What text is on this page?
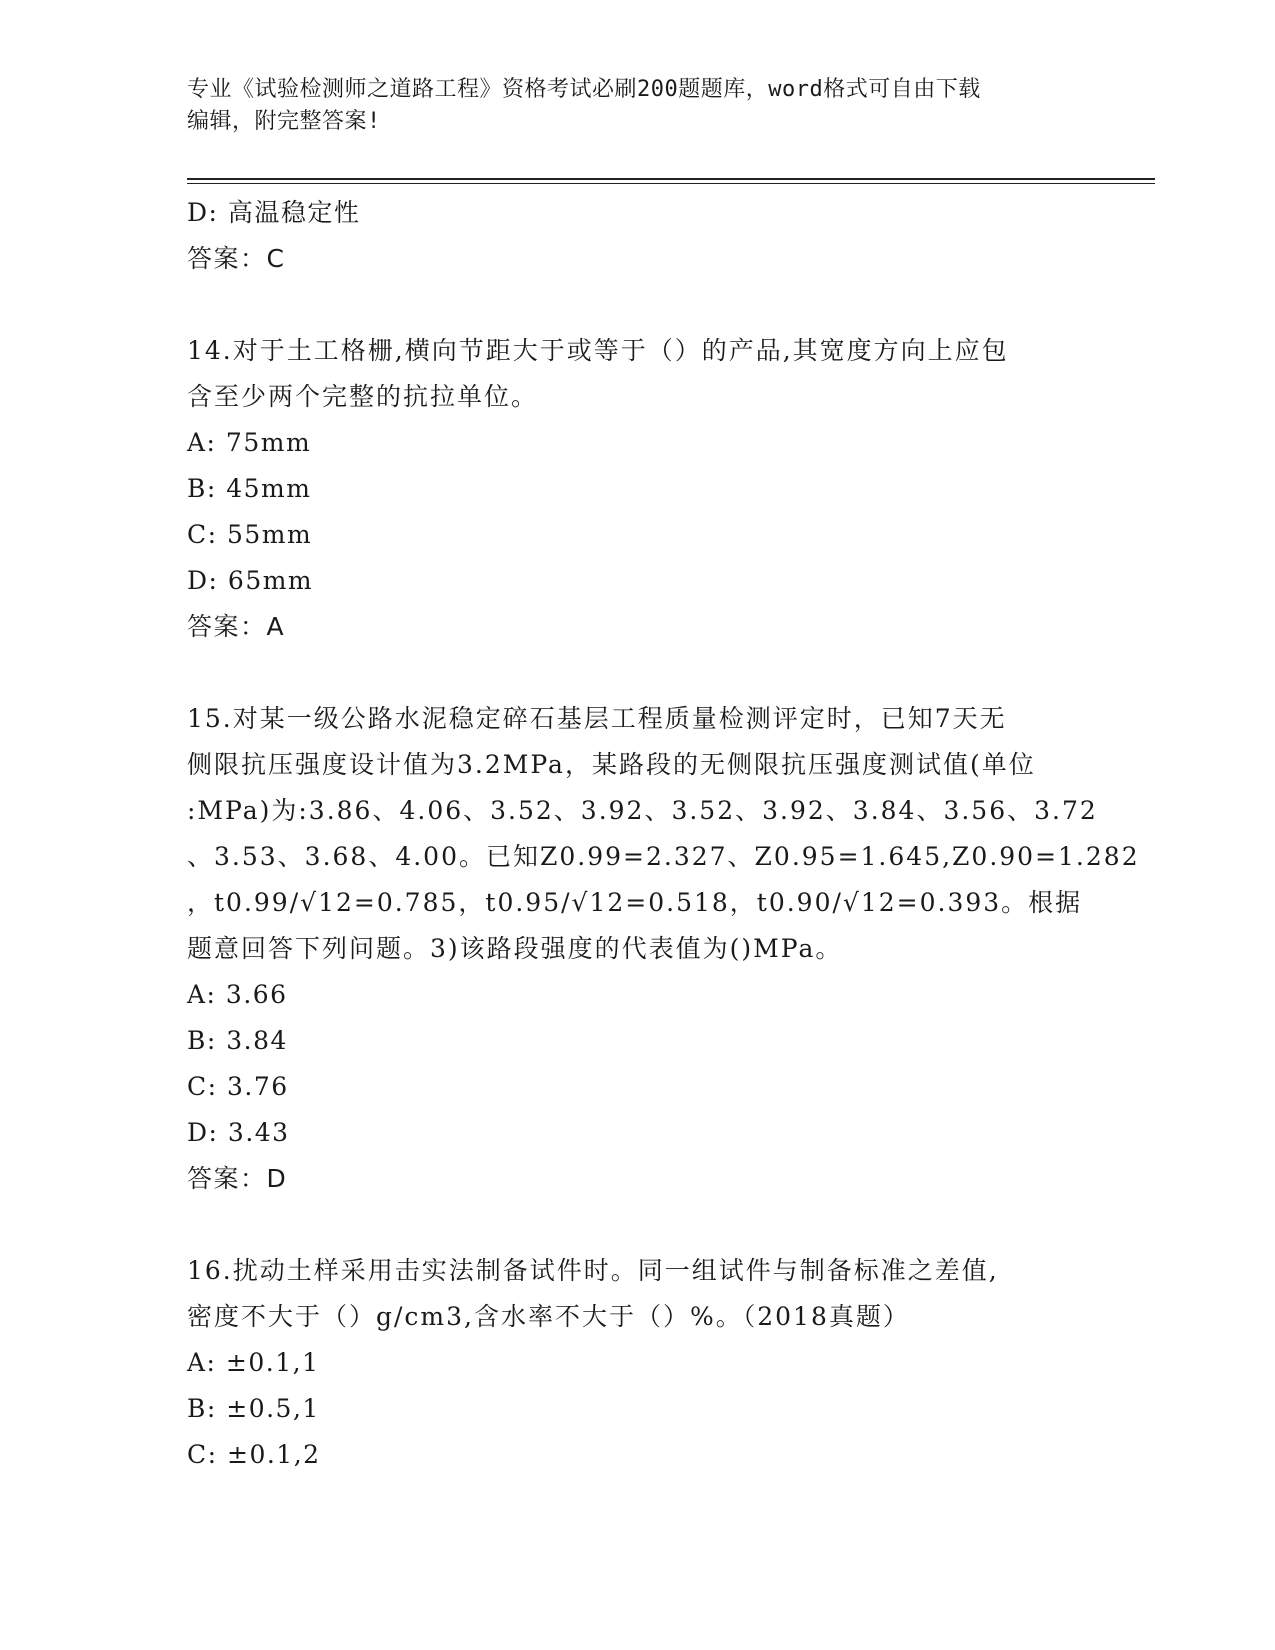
专业《试验检测师之道路工程》资格考试必刷200题题库，word格式可自由下载
编辑，附完整答案!
D: 高温稳定性
答案：C
14.对于土工格栅,横向节距大于或等于（）的产品,其宽度方向上应包
含至少两个完整的抗拉单位。
A: 75mm
B: 45mm
C: 55mm
D: 65mm
答案：A
15.对某一级公路水泥稳定碎石基层工程质量检测评定时，已知7天无
侧限抗压强度设计值为3.2MPa，某路段的无侧限抗压强度测试值(单位
:MPa)为:3.86、4.06、3.52、3.92、3.52、3.92、3.84、3.56、3.72
、3.53、3.68、4.00。已知Z0.99=2.327、Z0.95=1.645,Z0.90=1.282
，t0.99/√12=0.785，t0.95/√12=0.518，t0.90/√12=0.393。根据
题意回答下列问题。3)该路段强度的代表值为()MPa。
A: 3.66
B: 3.84
C: 3.76
D: 3.43
答案：D
16.扰动土样采用击实法制备试件时。同一组试件与制备标准之差值,
密度不大于（）g/cm3,含水率不大于（）%。（2018真题）
A: ±0.1,1
B: ±0.5,1
C: ±0.1,2
